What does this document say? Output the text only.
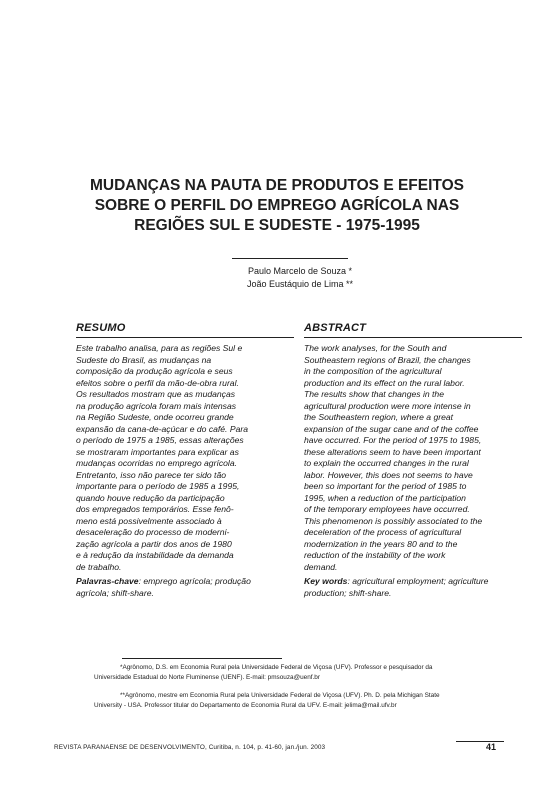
MUDANÇAS NA PAUTA DE PRODUTOS E EFEITOS
SOBRE O PERFIL DO EMPREGO AGRÍCOLA NAS
REGIÕES SUL E SUDESTE - 1975-1995
Paulo Marcelo de Souza *
João Eustáquio de Lima **
RESUMO
Este trabalho analisa, para as regiões Sul e
Sudeste do Brasil, as mudanças na
composição da produção agrícola e seus
efeitos sobre o perfil da mão-de-obra rural.
Os resultados mostram que as mudanças
na produção agrícola foram mais intensas
na Região Sudeste, onde ocorreu grande
expansão da cana-de-açúcar e do café. Para
o período de 1975 a 1985, essas alterações
se mostraram importantes para explicar as
mudanças ocorridas no emprego agrícola.
Entretanto, isso não parece ter sido tão
importante para o período de 1985 a 1995,
quando houve redução da participação
dos empregados temporários. Esse fenô-
meno está possivelmente associado à
desaceleração do processo de moderni-
zação agrícola a partir dos anos de 1980
e à redução da instabilidade da demanda
de trabalho.
Palavras-chave: emprego agrícola; produção
agrícola; shift-share.
ABSTRACT
The work analyses, for the South and
Southeastern regions of Brazil, the changes
in the composition of the agricultural
production and its effect on the rural labor.
The results show that changes in the
agricultural production were more intense in
the Southeastern region, where a great
expansion of the sugar cane and of the coffee
have occurred. For the period of 1975 to 1985,
these alterations seem to have been important
to explain the occurred changes in the rural
labor. However, this does not seems to have
been so important for the period of 1985 to
1995, when a reduction of the participation
of the temporary employees have occurred.
This phenomenon is possibly associated to the
deceleration of the process of agricultural
modernization in the years 80 and to the
reduction of the instability of the work
demand.
Key words: agricultural employment; agriculture
production; shift-share.
*Agrônomo, D.S. em Economia Rural pela Universidade Federal de Viçosa (UFV). Professor e pesquisador da
Universidade Estadual do Norte Fluminense (UENF). E-mail: pmsouza@uenf.br
**Agrônomo, mestre em Economia Rural pela Universidade Federal de Viçosa (UFV). Ph. D. pela Michigan State
University - USA. Professor titular do Departamento de Economia Rural da UFV. E-mail: jelima@mail.ufv.br
REVISTA PARANAENSE DE DESENVOLVIMENTO, Curitiba, n. 104, p. 41-60, jan./jun. 2003	41
